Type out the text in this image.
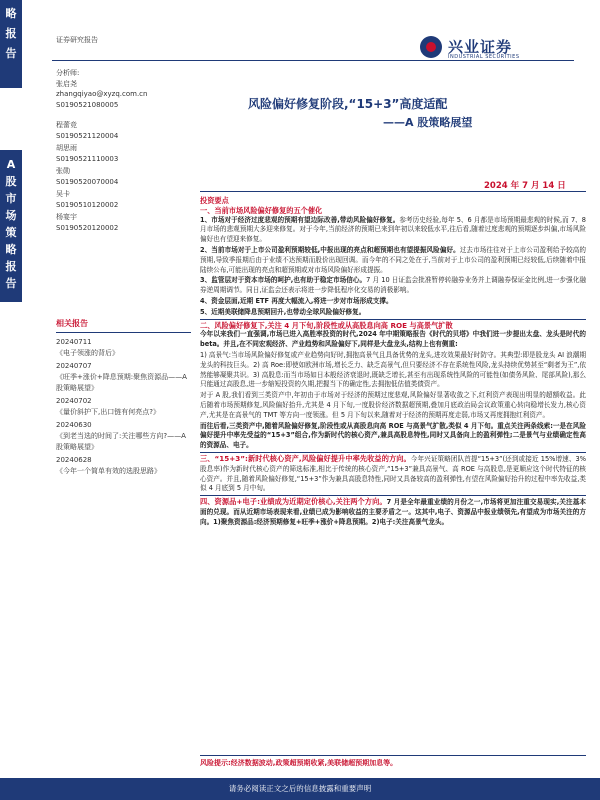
略
报
告
A
股
市
场
策
略
报
告
证券研究报告	兴业证券
INDUSTRIAL SECURITIES
分析师:
张启尧
zhangqiyao@xyzq.com.cn
S0190521080005
程蕾竞
S0190521120004
胡思雨
S0190521110003
张勋
S0190520070004
吴卡
S0190510120002
杨宴宇
S0190520120002
相关报告
20240711
《电子领涨的背后》
20240707
《旺季+涨价+降息预期:聚焦资源品——A 股策略展望》
20240702
《量价斜护下,出口链有何亮点?》
20240630
《到老当选的时间了:关注哪些方向?——A 股策略展望》
20240628
《今年一个简单有效的选股思路》
风险偏好修复阶段,“15+3”高度适配
——A 股策略展望
2024 年 7 月 14 日
投资要点
一、当前市场风险偏好修复的五个催化

1、市场对于经济过度悲观的预期有望边际改善,带动风险偏好修复。参考历史经验,每年 5、6 月都是市场预期最悲观的时候,而 7、8 月市场的悲观预期大多迎来修复。对于今年,当前经济的预期已来到年初以来较低水平,往后看,随着过度悲观的预期逐步纠偏,市场风险偏好也有望迎来修复。

2、当前市场对于上市公司盈利预期较低,中报出现的亮点和超预期也有望提振风险偏好。过去市场往往对于上市公司盈利给予较高的预期,导致季报期后由于业绩不达预期而股价出现回调。而今年的不同之处在于,当前对于上市公司的盈利预期已经较低,后续随着中报陆续公布,可能出现的亮点和超预期或对市场风险偏好形成提振。

3、监管层对于资本市场的呵护,也有助于稳定市场信心。7 月 10 日证监会批准暂停转融券业务并上调融券保证金比例,进一步强化融券逆周期调节。同日,证监会还表示将进一步降低程序化交易的消极影响。

4、资金层面,近期 ETF 再度大幅流入,将进一步对市场形成支撑。

5、近期美联储降息预期回升,也带动全球风险偏好修复。

二、风险偏好修复下,关注 4 月下旬,阶段性或从高股息向高 ROE 与高景气扩散

今年以来我们一直强调,市场已进入高胜率投资的时代,2024 年中期策略报告《时代的贝塔》中我们进一步提出太盘、龙头是时代的 beta。并且,在不同宏观经济、产业趋势和风险偏好下,同样是大盘龙头,结构上也有侧重:

1) 高景气:当市场风险偏好修复或产业趋势向好时,拥抱高景气且具备优势的龙头,进攻效果最好时防守。其典型:即是股龙头 AI 浪潮期龙头的科技巨头。2) 高 Roe:即使如欧洲市场,增长乏力、缺乏高景气,但只要经济不存在系统性风险,龙头持续优势甚至“剩者为王”,依然能够凝聚共识。3) 高股息:而当市场如日本般经济衰退时,既缺乏增长,甚至有出现系统性风险的可能性(如债务风险、尾部风险),那么只能通过高股息,进一步缩短投资的久期,把握当下的确定性,去拥抱低估值类债资产。

对于 A 股,我们看到三类资产中,年初由于市场对于经济的预期过度悲观,风险偏好显著收敛之下,红利资产表现出明显的超额收益。此后随着市场预期修复,风险偏好抬升,尤其是 4 月下旬,一度股价经济数据超预期,叠加月底政治局会议政策重心转向稳增长发力,核心资产,尤其是在高景气的 TMT 等方向一度领涨。但 5 月下旬以来,随着对于经济的预期再度走弱,市场又再度拥抱红利资产。

而往后看,三类资产中,随着风险偏好修复,阶段性或从高股息向高 ROE 与高景气扩散,类似 4 月下旬。重点关注两条线索:一是在风险偏好提升中率先受益的“15+3”组合,作为新时代的核心资产,兼具高股息特性,同时又具备向上的盈利弹性;二是景气与业绩确定性高的资源品、电子。

三、“15+3”:新时代核心资产,风险偏好提升中率先收益的方向。今年兴证策略团队首提“15+3”(还到或接近 15%增速、3%股息率)作为新时代核心资产的筛选标准,相比于传统的核心资产,“15+3”兼具高景气、高 ROE 与高股息,是更顺应这个时代特征的核心资产。并且,随着风险偏好修复,“15+3”作为兼具高股息特性,同时又具备较高的盈利弹性,有望在风险偏好抬升的过程中率先收益,类似 4 月底到 5 月中旬。

四、资源品+电子:业绩成为近期定价核心,关注两个方向。7 月是全年最重业绩的月份之一,市场将更加注重交易现实,关注基本面的兑现。而从近期市场表现来看,业绩已成为影响收益的主要矛盾之一。这其中,电子、资源品中报业绩领先,有望成为市场关注的方向。1)聚焦资源品:经济预期修复+旺季+涨价+降息预期。2)电子:关注高景气龙头。

风险提示:经济数据波动,政策超预期收紧,美联储超预期加息等。
请务必阅读正文之后的信息披露和重要声明
